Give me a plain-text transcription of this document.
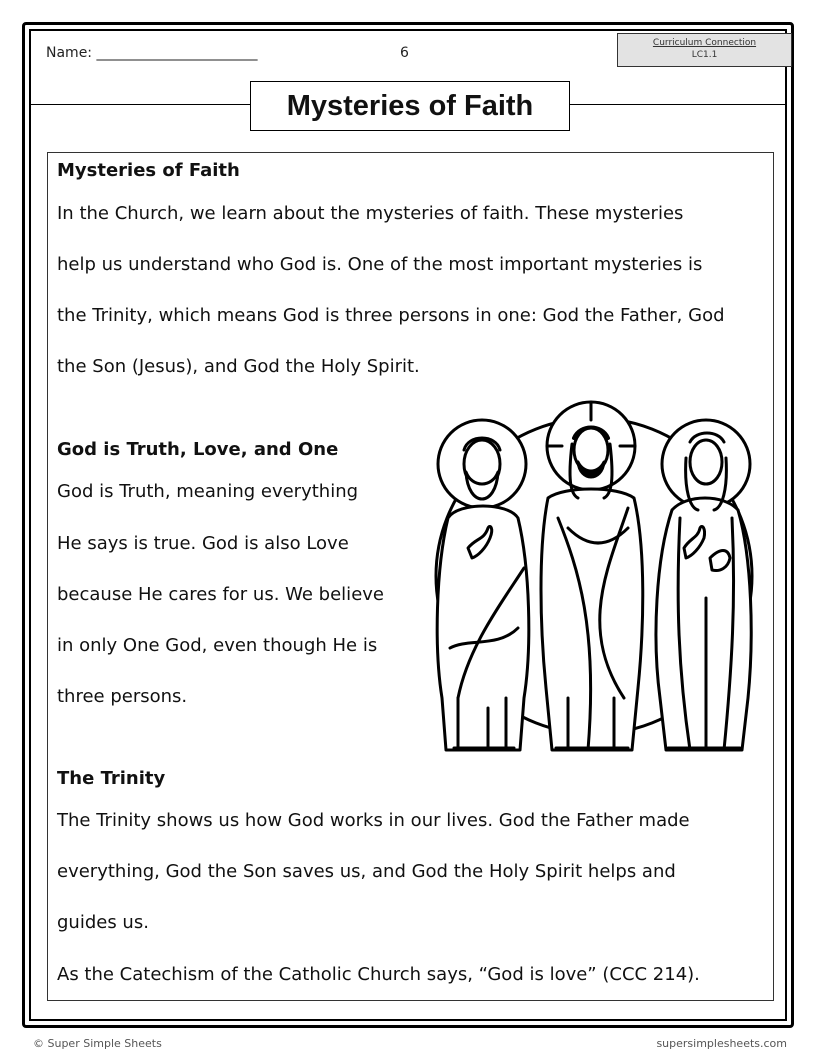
Name: _______________________	6
Curriculum Connection
LC1.1
Mysteries of Faith
Mysteries of Faith
In the Church, we learn about the mysteries of faith. These mysteries
help us understand who God is. One of the most important mysteries is
the Trinity, which means God is three persons in one: God the Father, God
the Son (Jesus), and God the Holy Spirit.
God is Truth, Love, and One
God is Truth, meaning everything
He says is true. God is also Love
because He cares for us. We believe
in only One God, even though He is
three persons.
The Trinity
The Trinity shows us how God works in our lives. God the Father made
everything, God the Son saves us, and God the Holy Spirit helps and
guides us.
As the Catechism of the Catholic Church says, “God is love” (CCC 214).
© Super Simple Sheets	supersimplesheets.com
